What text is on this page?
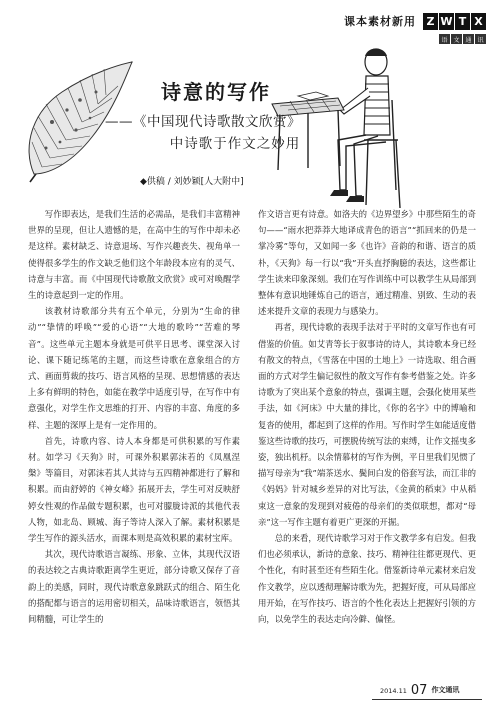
课本素材新用 Z W T X
语 文 通 讯
诗意的写作
——《中国现代诗歌散文欣赏》
中诗歌于作文之妙用
◆供稿 / 刘妙颖[人大附中]

写作即表达，是我们生活的必需品，是我们丰富精神世界的呈现，但让人遗憾的是，在高中生的写作中却未必是这样。素材缺乏、诗意退场、写作兴趣丧失、视角单一使得很多学生的作文缺乏他们这个年龄段本应有的灵气、诗意与丰富。而《中国现代诗歌散文欣赏》或可对唤醒学生的诗意起到一定的作用。

该教材诗歌部分共有五个单元，分别为“生命的律动”“挚情的呼唤”“爱的心语”“大地的歌吟”“苦难的琴音”。这些单元主题本身就是可供平日思考、课堂深入讨论、课下随记练笔的主题，而这些诗歌在意象组合的方式、画面剪裁的技巧、语言风格的呈现、思想情感的表达上多有鲜明的特色，如能在教学中适度引导，在写作中有意强化，对学生作文思维的打开、内容的丰富、角度的多样、主题的深厚上是有一定作用的。

首先，诗歌内容、诗人本身都是可供积累的写作素材。如学习《天狗》时，可课外积累郭沫若的《凤凰涅槃》等篇目，对郭沫若其人其诗与五四精神都进行了解和积累。而由舒婷的《神女峰》拓展开去，学生可对反映舒婷女性观的作品做专题积累，也可对朦胧诗派的其他代表人物，如北岛、顾城、海子等诗人深入了解。素材积累是学生写作的源头活水，而课本则是高效积累的素材宝库。

其次，现代诗歌语言凝练、形象、立体，其现代汉语的表达较之古典诗歌距离学生更近，部分诗歌又保存了音韵上的美感，同时，现代诗歌意象跳跃式的组合、陌生化的搭配都与语言的运用密切相关，品味诗歌语言，领悟其间精髓，可让学生的

作文语言更有诗意。如洛夫的《边界望乡》中那些陌生的奇句——“雨水把莽莽大地译成青色的语言”“抓回来的仍是一掌冷雾”等句，又如闻一多《也许》音韵的和谐、语言的质朴，《天狗》每一行以“我”开头直抒胸臆的表达，这些都让学生读来印象深刻。我们在写作训练中可以教学生从局部到整体有意识地锤炼自己的语言，通过精准、别致、生动的表述来提升文章的表现力与感染力。

再者，现代诗歌的表现手法对于平时的文章写作也有可借鉴的价值。如艾青等长于叙事诗的诗人，其诗歌本身已经有散文的特点，《雪落在中国的土地上》一诗选取、组合画面的方式对学生偏记叙性的散文写作有参考借鉴之处。许多诗歌为了突出某个意象的特点，强调主题，会强化使用某些手法，如《河床》中大量的排比，《你的名字》中的博喻和复沓的使用，都起到了这样的作用。写作时学生如能适度借鉴这些诗歌的技巧，可摆脱传统写法的束缚，让作文摇曳多姿，独出机杼。以余情慕材的写作为例，平日里我们见惯了描写母亲为“我”端茶送水、鬓间白发的俗套写法，而江非的《妈妈》针对城乡差异的对比写法，《金黄的稻束》中从稻束这一意象的发现到对疲倦的母亲们的类似联想，都对“母亲”这一写作主题有着更广更深的开掘。

总的来看，现代诗歌学习对于作文教学多有启发。但我们也必须承认，新诗的意象、技巧、精神往往都更现代、更个性化，有时甚至还有些陌生化。借鉴新诗单元素材来启发作文教学，应以透彻理解诗歌为先，把握好度，可从局部应用开始，在写作技巧、语言的个性化表达上把握好引领的方向，以免学生的表达走向冷僻、偏怪。

2014.11 07 作文通讯
